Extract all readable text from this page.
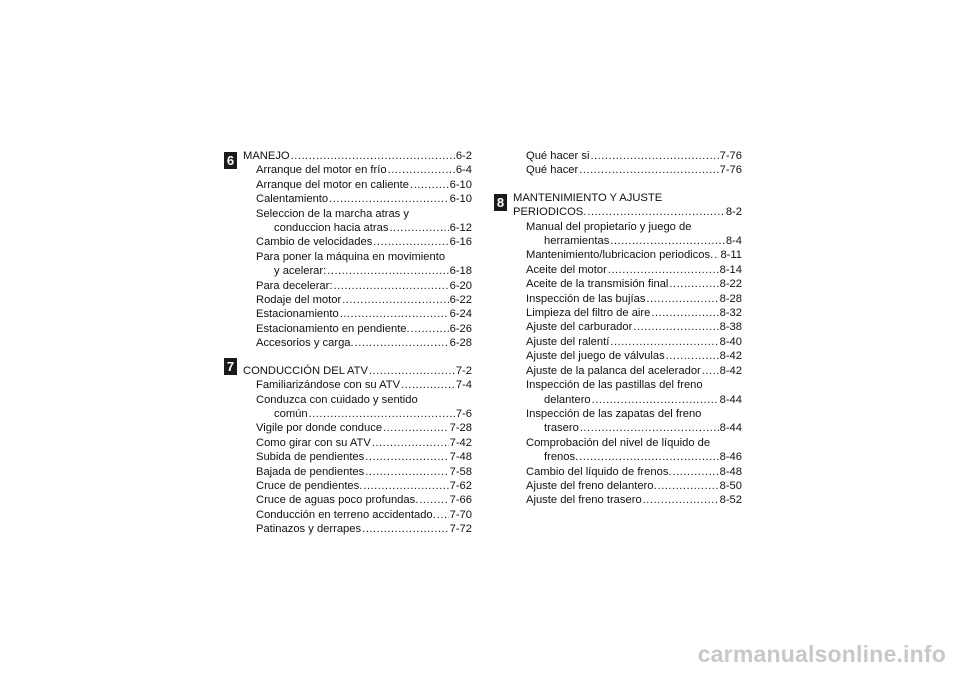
6
7
8
MANEJO .....	6-2
Arranque del motor en frío .....	6-4
Arranque del motor en caliente .....	6-10
Calentamiento .....	6-10
Seleccion de la marcha atras y
conduccion hacia atras .....	6-12
Cambio de velocidades .....	6-16
Para poner la máquina en movimiento
y acelerar: .....	6-18
Para decelerar: .....	6-20
Rodaje del motor .....	6-22
Estacionamiento .....	6-24
Estacionamiento en pendiente. .....	6-26
Accesorios y carga. .....	6-28
CONDUCCIÓN DEL ATV .....	7-2
Familiarizándose con su ATV .....	7-4
Conduzca con cuidado y sentido
común .....	7-6
Vigile por donde conduce .....	7-28
Como girar con su ATV .....	7-42
Subida de pendientes .....	7-48
Bajada de pendientes .....	7-58
Cruce de pendientes. .....	7-62
Cruce de aguas poco profundas. .....	7-66
Conducción en terreno accidentado. ..... 7-70
Patinazos y derrapes .....	7-72
Qué hacer si .....	7-76
Qué hacer .....	7-76
MANTENIMIENTO Y AJUSTE
PERIODICOS. .....	8-2
Manual del propietario y juego de
herramientas .....	8-4
Mantenimiento/lubricacion periodicos. ..... 8-11
Aceite del motor .....	8-14
Aceite de la transmisión final .....	8-22
Inspección de las bujías .....	8-28
Limpieza del filtro de aire .....	8-32
Ajuste del carburador .....	8-38
Ajuste del ralentí .....	8-40
Ajuste del juego de válvulas .....	8-42
Ajuste de la palanca del acelerador ..... 8-42
Inspección de las pastillas del freno
delantero .....	8-44
Inspección de las zapatas del freno
trasero .....	8-44
Comprobación del nivel de líquido de
frenos. .....	8-46
Cambio del líquido de frenos. .....	8-48
Ajuste del freno delantero. .....	8-50
Ajuste del freno trasero .....	8-52
carmanualsonline.info
